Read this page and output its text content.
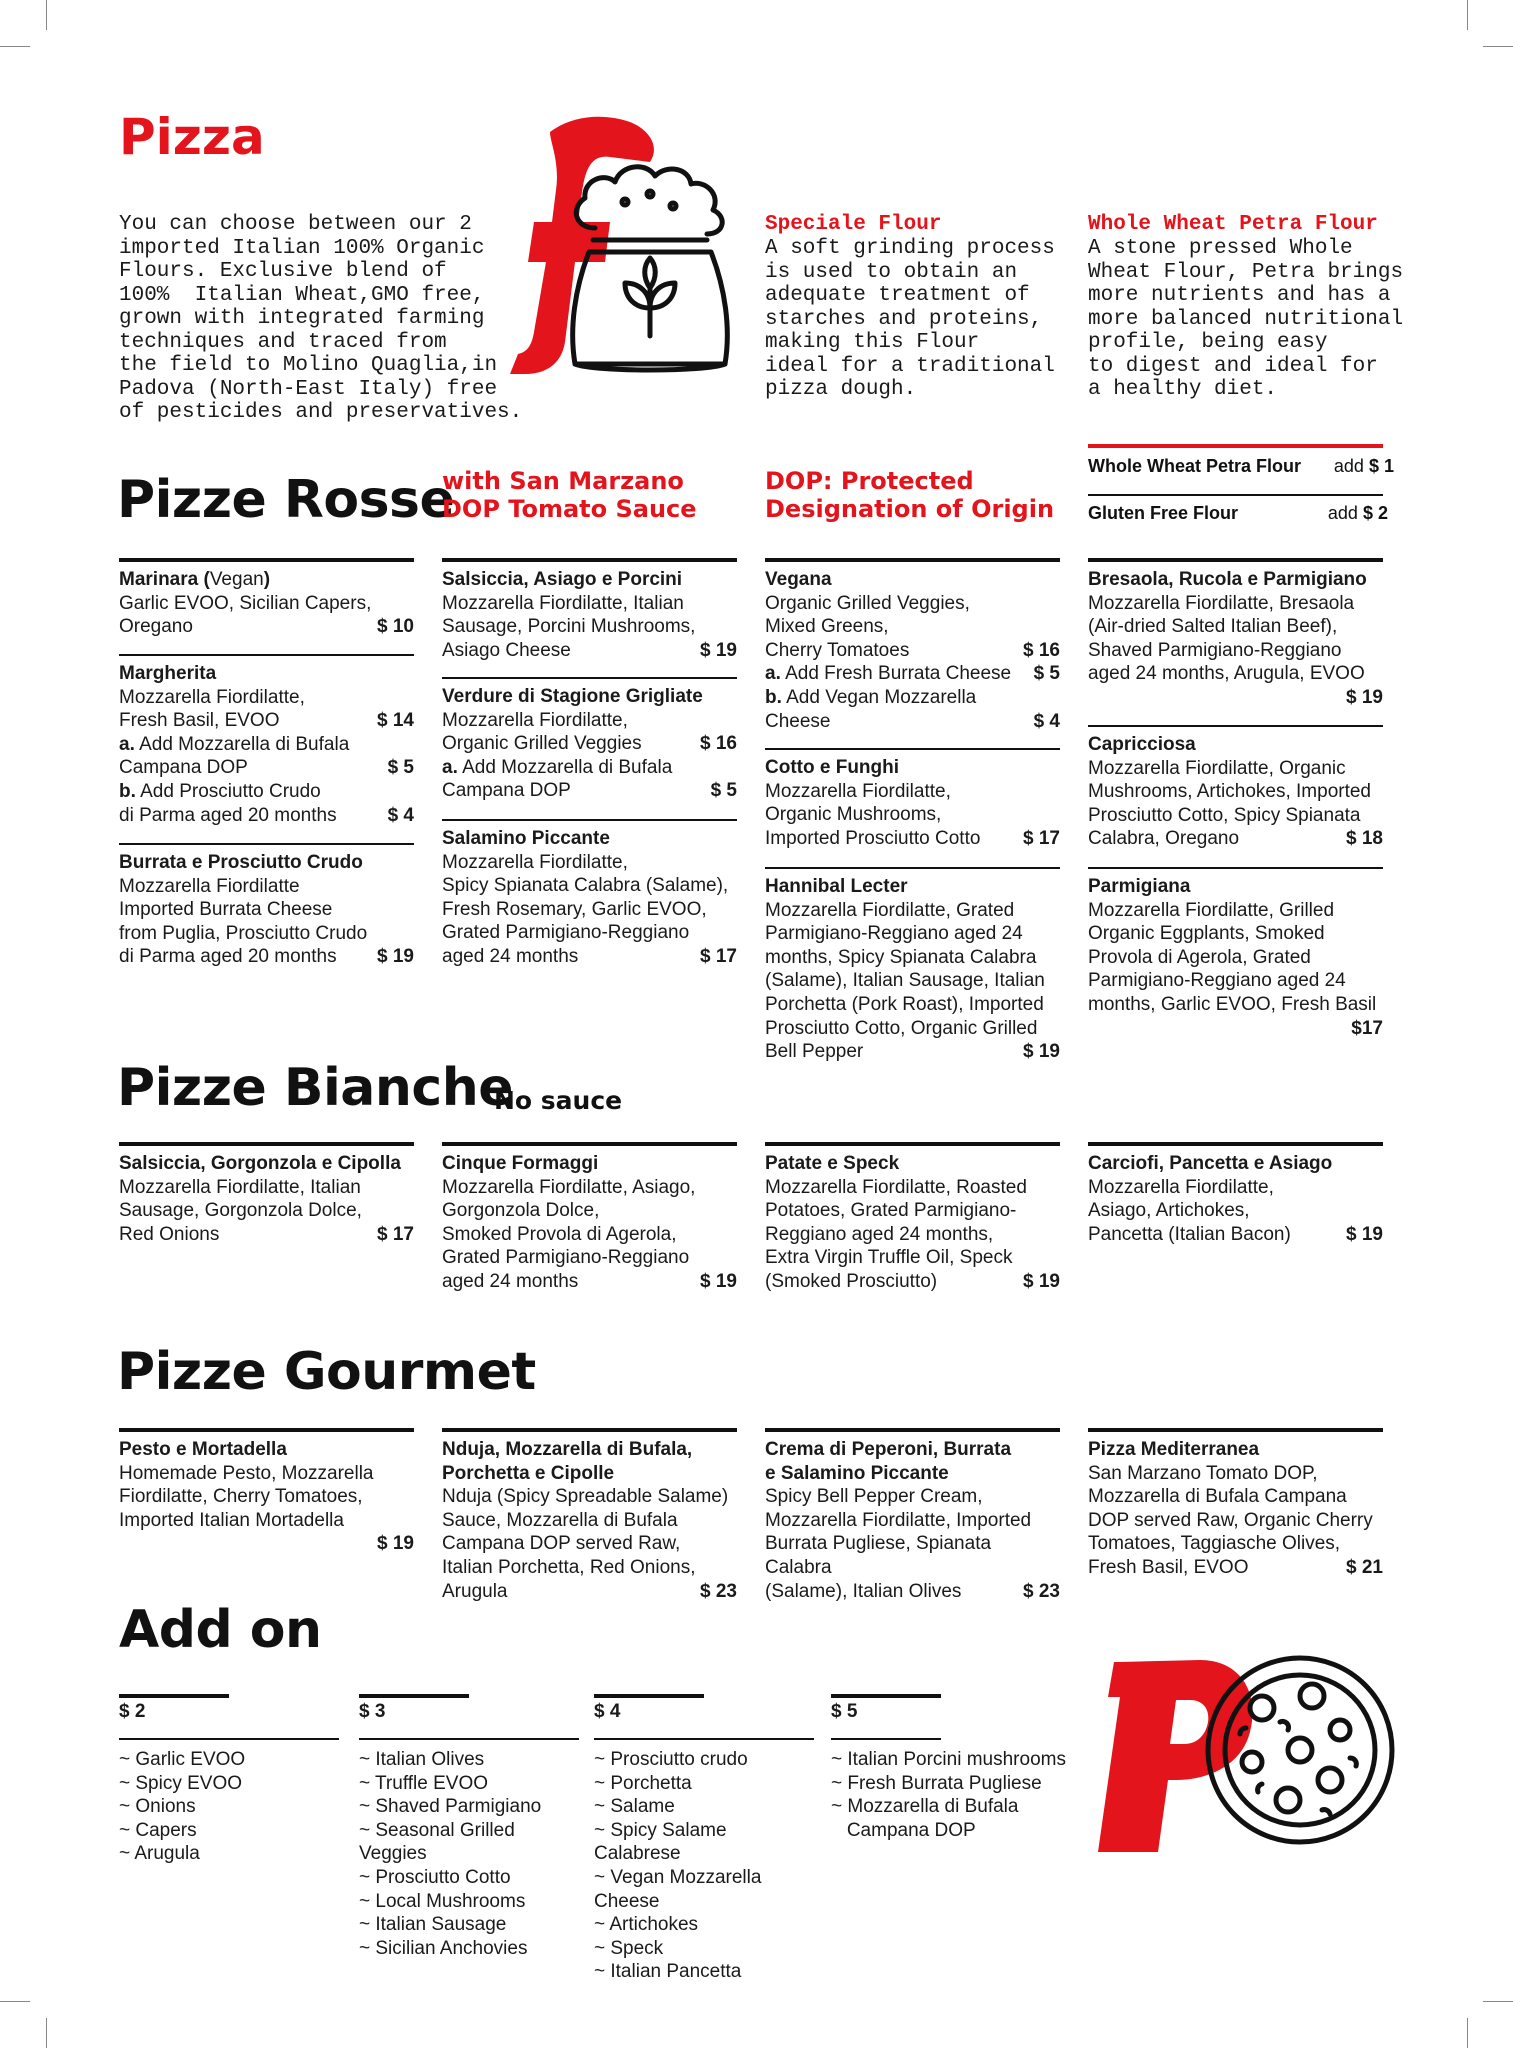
Pizza
You can choose between our 2
imported Italian 100% Organic
Flours. Exclusive blend of
100%  Italian Wheat,GMO free,
grown with integrated farming
techniques and traced from
the field to Molino Quaglia,in
Padova (North-East Italy) free
of pesticides and preservatives.
Speciale Flour
A soft grinding process
is used to obtain an
adequate treatment of
starches and proteins,
making this Flour
ideal for a traditional
pizza dough.
Whole Wheat Petra Flour
A stone pressed Whole
Wheat Flour, Petra brings
more nutrients and has a
more balanced nutritional
profile, being easy
to digest and ideal for
a healthy diet.
Whole Wheat Petra Flour add $ 1
Gluten Free Flour	add $ 2
Pizze Rosse
with San Marzano
DOP Tomato Sauce
DOP: Protected
Designation of Origin
Marinara (Vegan)
Garlic EVOO, Sicilian Capers,
Oregano	$ 10
Margherita
Mozzarella Fiordilatte,
Fresh Basil, EVOO	$ 14
a. Add Mozzarella di Bufala
Campana DOP	$ 5
b. Add Prosciutto Crudo
di Parma aged 20 months	$ 4
Burrata e Prosciutto Crudo
Mozzarella Fiordilatte
Imported Burrata Cheese
from Puglia, Prosciutto Crudo
di Parma aged 20 months	$ 19
Salsiccia, Asiago e Porcini
Mozzarella Fiordilatte, Italian
Sausage, Porcini Mushrooms,
Asiago Cheese	$ 19
Verdure di Stagione Grigliate
Mozzarella Fiordilatte,
Organic Grilled Veggies	$ 16
a. Add Mozzarella di Bufala
Campana DOP	$ 5
Salamino Piccante
Mozzarella Fiordilatte,
Spicy Spianata Calabra (Salame),
Fresh Rosemary, Garlic EVOO,
Grated Parmigiano-Reggiano
aged 24 months	$ 17
Vegana
Organic Grilled Veggies,
Mixed Greens,
Cherry Tomatoes	$ 16
a. Add Fresh Burrata Cheese	$ 5
b. Add Vegan Mozzarella
Cheese	$ 4
Cotto e Funghi
Mozzarella Fiordilatte,
Organic Mushrooms,
Imported Prosciutto Cotto	$ 17
Hannibal Lecter
Mozzarella Fiordilatte, Grated
Parmigiano-Reggiano aged 24
months, Spicy Spianata Calabra
(Salame), Italian Sausage, Italian
Porchetta (Pork Roast), Imported
Prosciutto Cotto, Organic Grilled
Bell Pepper	$ 19
Bresaola, Rucola e Parmigiano
Mozzarella Fiordilatte, Bresaola
(Air-dried Salted Italian Beef),
Shaved Parmigiano-Reggiano
aged 24 months, Arugula, EVOO
$ 19
Capricciosa
Mozzarella Fiordilatte, Organic
Mushrooms, Artichokes, Imported
Prosciutto Cotto, Spicy Spianata
Calabra, Oregano	$ 18
Parmigiana
Mozzarella Fiordilatte, Grilled
Organic Eggplants, Smoked
Provola di Agerola, Grated
Parmigiano-Reggiano aged 24
months, Garlic EVOO, Fresh Basil
$17
Pizze Bianche
No sauce
Salsiccia, Gorgonzola e Cipolla
Mozzarella Fiordilatte, Italian
Sausage, Gorgonzola Dolce,
Red Onions	$ 17
Cinque Formaggi
Mozzarella Fiordilatte, Asiago,
Gorgonzola Dolce,
Smoked Provola di Agerola,
Grated Parmigiano-Reggiano
aged 24 months	$ 19
Patate e Speck
Mozzarella Fiordilatte, Roasted
Potatoes, Grated Parmigiano-
Reggiano aged 24 months,
Extra Virgin Truffle Oil, Speck
(Smoked Prosciutto)	$ 19
Carciofi, Pancetta e Asiago
Mozzarella Fiordilatte,
Asiago, Artichokes,
Pancetta (Italian Bacon)	$ 19
Pizze Gourmet
Pesto e Mortadella
Homemade Pesto, Mozzarella
Fiordilatte, Cherry Tomatoes,
Imported Italian Mortadella
$ 19
Nduja, Mozzarella di Bufala,
Porchetta e Cipolle
Nduja (Spicy Spreadable Salame)
Sauce, Mozzarella di Bufala
Campana DOP served Raw,
Italian Porchetta, Red Onions,
Arugula	$ 23
Crema di Peperoni, Burrata
e Salamino Piccante
Spicy Bell Pepper Cream,
Mozzarella Fiordilatte, Imported
Burrata Pugliese, Spianata Calabra
(Salame), Italian Olives	$ 23
Pizza Mediterranea
San Marzano Tomato DOP,
Mozzarella di Bufala Campana
DOP served Raw, Organic Cherry
Tomatoes, Taggiasche Olives,
Fresh Basil, EVOO	$ 21
Add on
$ 2
~ Garlic EVOO
~ Spicy EVOO
~ Onions
~ Capers
~ Arugula
$ 3
~ Italian Olives
~ Truffle EVOO
~ Shaved Parmigiano
~ Seasonal Grilled Veggies
~ Prosciutto Cotto
~ Local Mushrooms
~ Italian Sausage
~ Sicilian Anchovies
$ 4
~ Prosciutto crudo
~ Porchetta
~ Salame
~ Spicy Salame Calabrese
~ Vegan Mozzarella Cheese
~ Artichokes
~ Speck
~ Italian Pancetta
$ 5
~ Italian Porcini mushrooms
~ Fresh Burrata Pugliese
~ Mozzarella di Bufala
Campana DOP
